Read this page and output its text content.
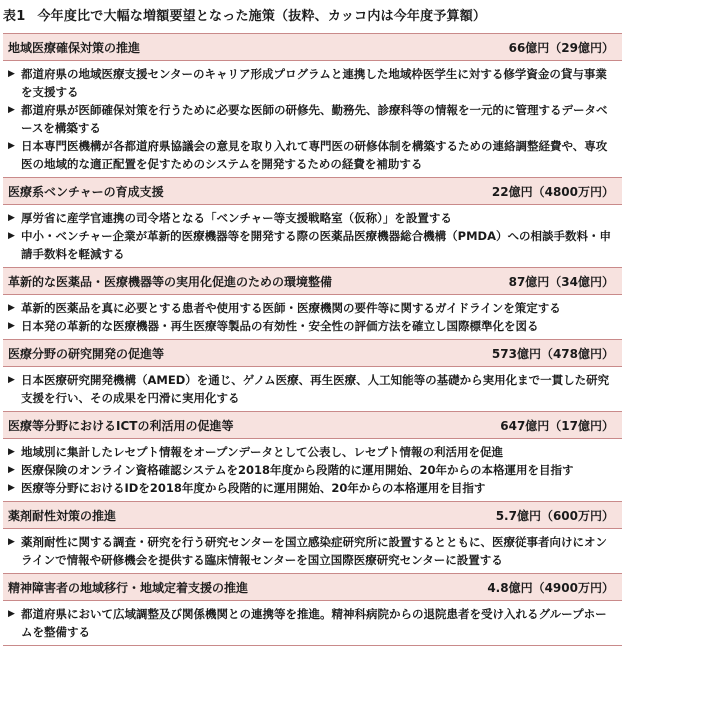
表1 今年度比で大幅な増額要望となった施策（抜粋、カッコ内は今年度予算額）
地域医療確保対策の推進	66億円（29億円）
▶ 都道府県の地域医療支援センターのキャリア形成プログラムと連携した地域枠医学生に対する修学資金の貸与事業を支援する
▶ 都道府県が医師確保対策を行うために必要な医師の研修先、勤務先、診療科等の情報を一元的に管理するデータベースを構築する
▶ 日本専門医機構が各都道府県協議会の意見を取り入れて専門医の研修体制を構築するための連絡調整経費や、専攻医の地域的な適正配置を促すためのシステムを開発するための経費を補助する
医療系ベンチャーの育成支援	22億円（4800万円）
▶ 厚労省に産学官連携の司令塔となる「ベンチャー等支援戦略室（仮称）」を設置する
▶ 中小・ベンチャー企業が革新的医療機器等を開発する際の医薬品医療機器総合機構（PMDA）への相談手数料・申請手数料を軽減する
革新的な医薬品・医療機器等の実用化促進のための環境整備	87億円（34億円）
▶ 革新的医薬品を真に必要とする患者や使用する医師・医療機関の要件等に関するガイドラインを策定する
▶ 日本発の革新的な医療機器・再生医療等製品の有効性・安全性の評価方法を確立し国際標準化を図る
医療分野の研究開発の促進等	573億円（478億円）
▶ 日本医療研究開発機構（AMED）を通じ、ゲノム医療、再生医療、人工知能等の基礎から実用化まで一貫した研究支援を行い、その成果を円滑に実用化する
医療等分野におけるICTの利活用の促進等	647億円（17億円）
▶ 地域別に集計したレセプト情報をオープンデータとして公表し、レセプト情報の利活用を促進
▶ 医療保険のオンライン資格確認システムを2018年度から段階的に運用開始、20年からの本格運用を目指す
▶ 医療等分野におけるIDを2018年度から段階的に運用開始、20年からの本格運用を目指す
薬剤耐性対策の推進	5.7億円（600万円）
▶ 薬剤耐性に関する調査・研究を行う研究センターを国立感染症研究所に設置するとともに、医療従事者向けにオンラインで情報や研修機会を提供する臨床情報センターを国立国際医療研究センターに設置する
精神障害者の地域移行・地域定着支援の推進	4.8億円（4900万円）
▶ 都道府県において広域調整及び関係機関との連携等を推進。精神科病院からの退院患者を受け入れるグループホームを整備する
